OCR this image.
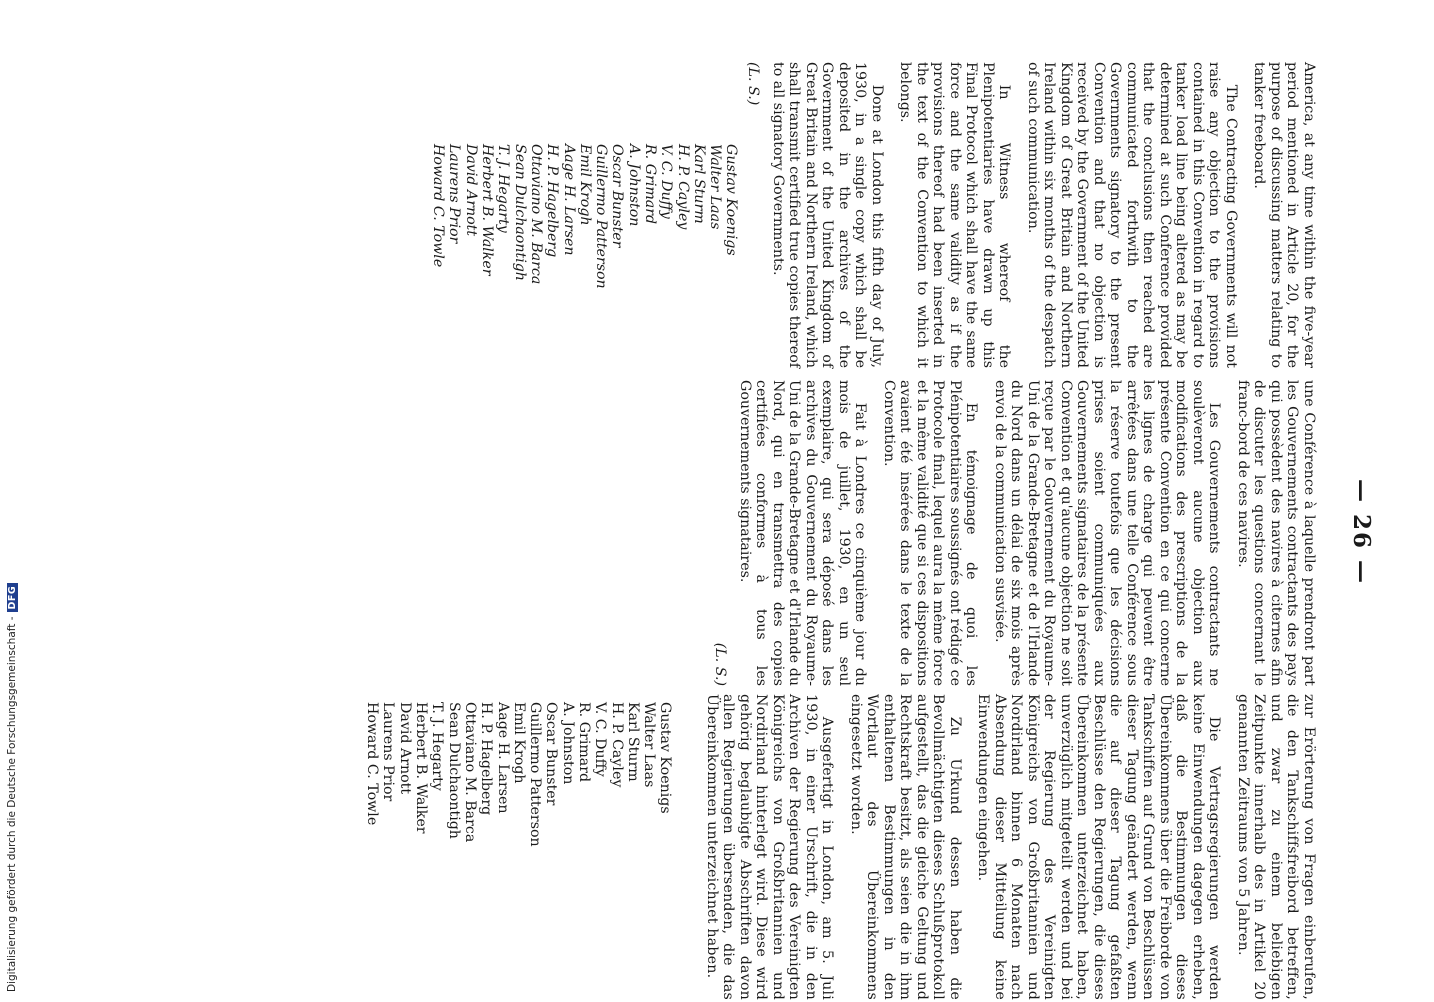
— 26 —

America, at any time within the five-year period mentioned in Article 20, for the purpose of discussing matters relating to tanker freeboard.

The Contracting Governments will not raise any objection to the provisions contained in this Convention in regard to tanker load line being altered as may be determined at such Conference provided that the conclusions then reached are communicated forthwith to the Governments signatory to the present Convention and that no objection is received by the Government of the United Kingdom of Great Britain and Northern Ireland within six months of the despatch of such communication.

In Witness whereof the Plenipotentiaries have drawn up this Final Protocol which shall have the same force and the same validity as if the provisions thereof had been inserted in the text of the Convention to which it belongs.

Done at London this fifth day of July, 1930, in a single copy which shall be deposited in the archives of the Government of the United Kingdom of Great Britain and Northern Ireland, which shall transmit certified true copies thereof to all signatory Governments.

(L. S.)
Gustav Koenigs
Walter Laas
Karl Sturm
H. P. Cayley
V. C. Duffy
R. Grimard
A. Johnston
Oscar Bunster
Guillermo Patterson
Emil Krogh
Aage H. Larsen
H. P. Hagelberg
Ottaviano M. Barca
Sean Dulchaontigh
T. J. Hegarty
Herbert B. Walker
David Arnott
Laurens Prior
Howard C. Towle

une Conférence à laquelle prendront part les Gouvernements contractants des pays qui possèdent des navires à citernes afin de discuter les questions concernant le franc-bord de ces navires.

Les Gouvernements contractants ne soulèveront aucune objection aux modifications des prescriptions de la présente Convention en ce qui concerne les lignes de charge qui peuvent être arrêtées dans une telle Conférence sous la réserve toutefois que les décisions prises soient communiquées aux Gouvernements signataires de la présente Convention et qu'aucune objection ne soit reçue par le Gouvernement du Royaume-Uni de la Grande-Bretagne et de l'Irlande du Nord dans un délai de six mois après envoi de la communication susvisée.

En témoignage de quoi les Plénipotentiaires soussignés ont rédigé ce Protocole final, lequel aura la même force et la même validité que si ces dispositions avaient été insérées dans le texte de la Convention.

Fait à Londres ce cinquième jour du mois de juillet, 1930, en un seul exemplaire, qui sera déposé dans les archives du Gouvernement du Royaume-Uni de la Grande-Bretagne et d'Irlande du Nord, qui en transmettra des copies certifiées conformes à tous les Gouvernements signataires.

(L. S.)

zur Erörterung von Fragen einberufen, die den Tankschiffsfreibord betreffen, und zwar zu einem beliebigen Zeitpunkte innerhalb des in Artikel 20 genannten Zeitraums von 5 Jahren.

Die Vertragsregierungen werden keine Einwendungen dagegen erheben, daß die Bestimmungen dieses Übereinkommens über die Freiborde von Tankschiffen auf Grund von Beschlüssen dieser Tagung geändert werden, wenn die auf dieser Tagung gefaßten Beschlüsse den Regierungen, die dieses Übereinkommen unterzeichnet haben, unverzüglich mitgeteilt werden und bei der Regierung des Vereinigten Königreichs von Großbritannien und Nordirland binnen 6 Monaten nach Absendung dieser Mitteilung keine Einwendungen eingehen.

Zu Urkund dessen haben die Bevollmächtigten dieses Schlußprotokoll aufgestellt, das die gleiche Geltung und Rechtskraft besitzt, als seien die in ihm enthaltenen Bestimmungen in den Wortlaut des Übereinkommens eingesetzt worden.

Ausgefertigt in London, am 5. Juli 1930, in einer Urschrift, die in den Archiven der Regierung des Vereinigten Königreichs von Großbritannien und Nordirland hinterlegt wird. Diese wird gehörig beglaubigte Abschriften davon allen Regierungen übersenden, die das Übereinkommen unterzeichnet haben.

Gustav Koenigs
Walter Laas
Karl Sturm
H. P. Cayley
V. C. Duffy
R. Grimard
A. Johnston
Oscar Bunster
Guillermo Patterson
Emil Krogh
Aage H. Larsen
H. P. Hagelberg
Ottaviano M. Barca
Sean Dulchaontigh
T. J. Hegarty
Herbert B. Walker
David Arnott
Laurens Prior
Howard C. Towle
Digitalisierung gefördert durch die Deutsche Forschungsgemeinschaft -DFG
